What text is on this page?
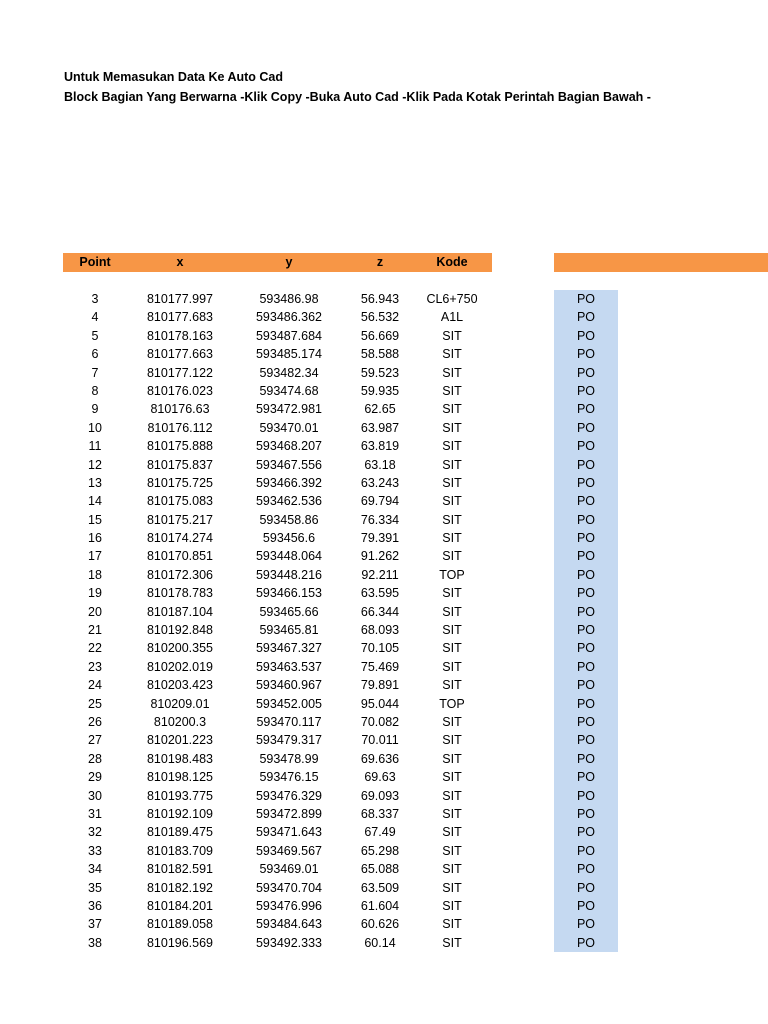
Untuk Memasukan Data Ke Auto Cad
Block Bagian Yang Berwarna -Klik Copy -Buka Auto Cad -Klik Pada Kotak Perintah Bagian Bawah -
Point	x	y	z	Kode
3	810177.997	593486.98	56.943	CL6+750	PO
4	810177.683	593486.362	56.532	A1L	PO
5	810178.163	593487.684	56.669	SIT	PO
6	810177.663	593485.174	58.588	SIT	PO
7	810177.122	593482.34	59.523	SIT	PO
8	810176.023	593474.68	59.935	SIT	PO
9	810176.63	593472.981	62.65	SIT	PO
10	810176.112	593470.01	63.987	SIT	PO
11	810175.888	593468.207	63.819	SIT	PO
12	810175.837	593467.556	63.18	SIT	PO
13	810175.725	593466.392	63.243	SIT	PO
14	810175.083	593462.536	69.794	SIT	PO
15	810175.217	593458.86	76.334	SIT	PO
16	810174.274	593456.6	79.391	SIT	PO
17	810170.851	593448.064	91.262	SIT	PO
18	810172.306	593448.216	92.211	TOP	PO
19	810178.783	593466.153	63.595	SIT	PO
20	810187.104	593465.66	66.344	SIT	PO
21	810192.848	593465.81	68.093	SIT	PO
22	810200.355	593467.327	70.105	SIT	PO
23	810202.019	593463.537	75.469	SIT	PO
24	810203.423	593460.967	79.891	SIT	PO
25	810209.01	593452.005	95.044	TOP	PO
26	810200.3	593470.117	70.082	SIT	PO
27	810201.223	593479.317	70.011	SIT	PO
28	810198.483	593478.99	69.636	SIT	PO
29	810198.125	593476.15	69.63	SIT	PO
30	810193.775	593476.329	69.093	SIT	PO
31	810192.109	593472.899	68.337	SIT	PO
32	810189.475	593471.643	67.49	SIT	PO
33	810183.709	593469.567	65.298	SIT	PO
34	810182.591	593469.01	65.088	SIT	PO
35	810182.192	593470.704	63.509	SIT	PO
36	810184.201	593476.996	61.604	SIT	PO
37	810189.058	593484.643	60.626	SIT	PO
38	810196.569	593492.333	60.14	SIT	PO
